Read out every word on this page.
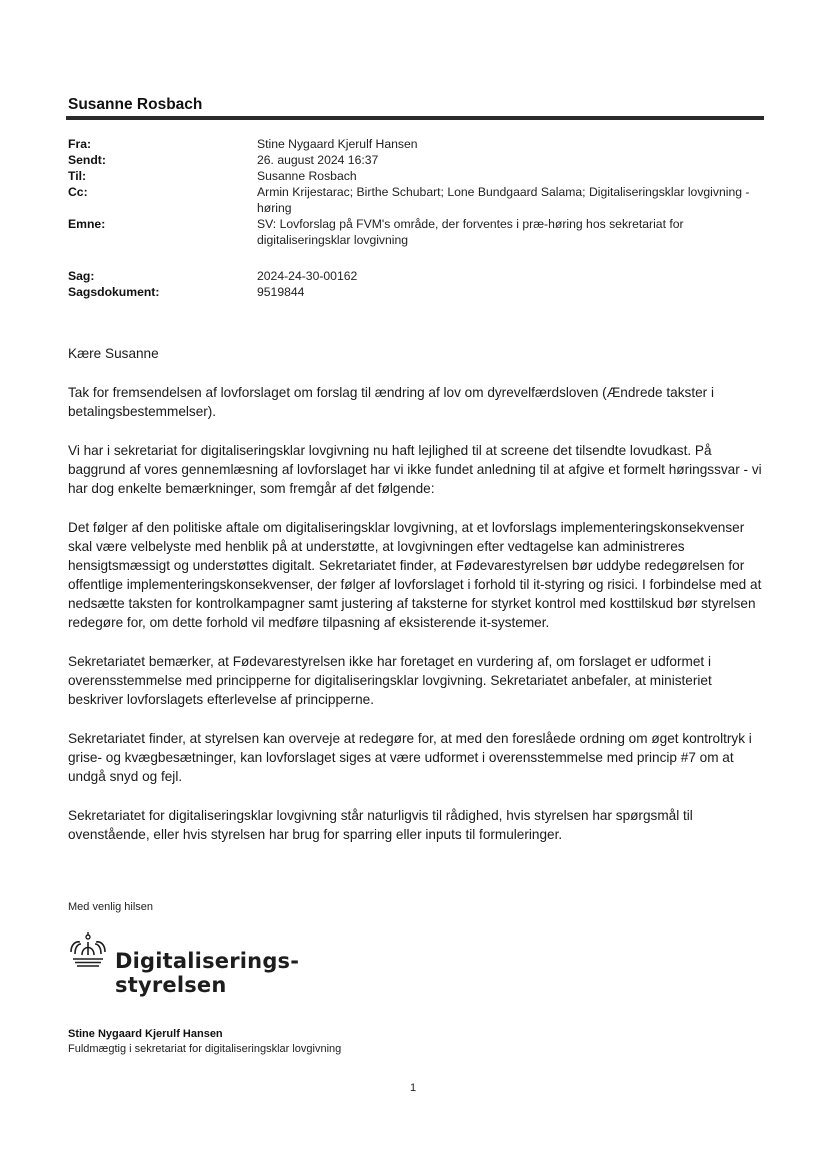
Susanne Rosbach
Fra:	Stine Nygaard Kjerulf Hansen
Sendt:	26. august 2024 16:37
Til:	Susanne Rosbach
Cc:	Armin Krijestarac; Birthe Schubart; Lone Bundgaard Salama; Digitaliseringsklar lovgivning - høring
Emne:	SV: Lovforslag på FVM's område, der forventes i præ-høring hos sekretariat for digitaliseringsklar lovgivning
Sag:	2024-24-30-00162
Sagsdokument:	9519844

Kære Susanne

Tak for fremsendelsen af lovforslaget om forslag til ændring af lov om dyrevelfærdsloven (Ændrede takster i betalingsbestemmelser).

Vi har i sekretariat for digitaliseringsklar lovgivning nu haft lejlighed til at screene det tilsendte lovudkast. På baggrund af vores gennemlæsning af lovforslaget har vi ikke fundet anledning til at afgive et formelt høringssvar - vi har dog enkelte bemærkninger, som fremgår af det følgende:

Det følger af den politiske aftale om digitaliseringsklar lovgivning, at et lovforslags implementeringskonsekvenser skal være velbelyste med henblik på at understøtte, at lovgivningen efter vedtagelse kan administreres hensigtsmæssigt og understøttes digitalt. Sekretariatet finder, at Fødevarestyrelsen bør uddybe redegørelsen for offentlige implementeringskonsekvenser, der følger af lovforslaget i forhold til it-styring og risici. I forbindelse med at nedsætte taksten for kontrolkampagner samt justering af taksterne for styrket kontrol med kosttilskud bør styrelsen redegøre for, om dette forhold vil medføre tilpasning af eksisterende it-systemer.

Sekretariatet bemærker, at Fødevarestyrelsen ikke har foretaget en vurdering af, om forslaget er udformet i overensstemmelse med principperne for digitaliseringsklar lovgivning. Sekretariatet anbefaler, at ministeriet beskriver lovforslagets efterlevelse af principperne.

Sekretariatet finder, at styrelsen kan overveje at redegøre for, at med den foreslåede ordning om øget kontroltryk i grise- og kvægbesætninger, kan lovforslaget siges at være udformet i overensstemmelse med princip #7 om at undgå snyd og fejl.

Sekretariatet for digitaliseringsklar lovgivning står naturligvis til rådighed, hvis styrelsen har spørgsmål til ovenstående, eller hvis styrelsen har brug for sparring eller inputs til formuleringer.

Med venlig hilsen
Digitaliserings-
styrelsen
Stine Nygaard Kjerulf Hansen
Fuldmægtig i sekretariat for digitaliseringsklar lovgivning
1
